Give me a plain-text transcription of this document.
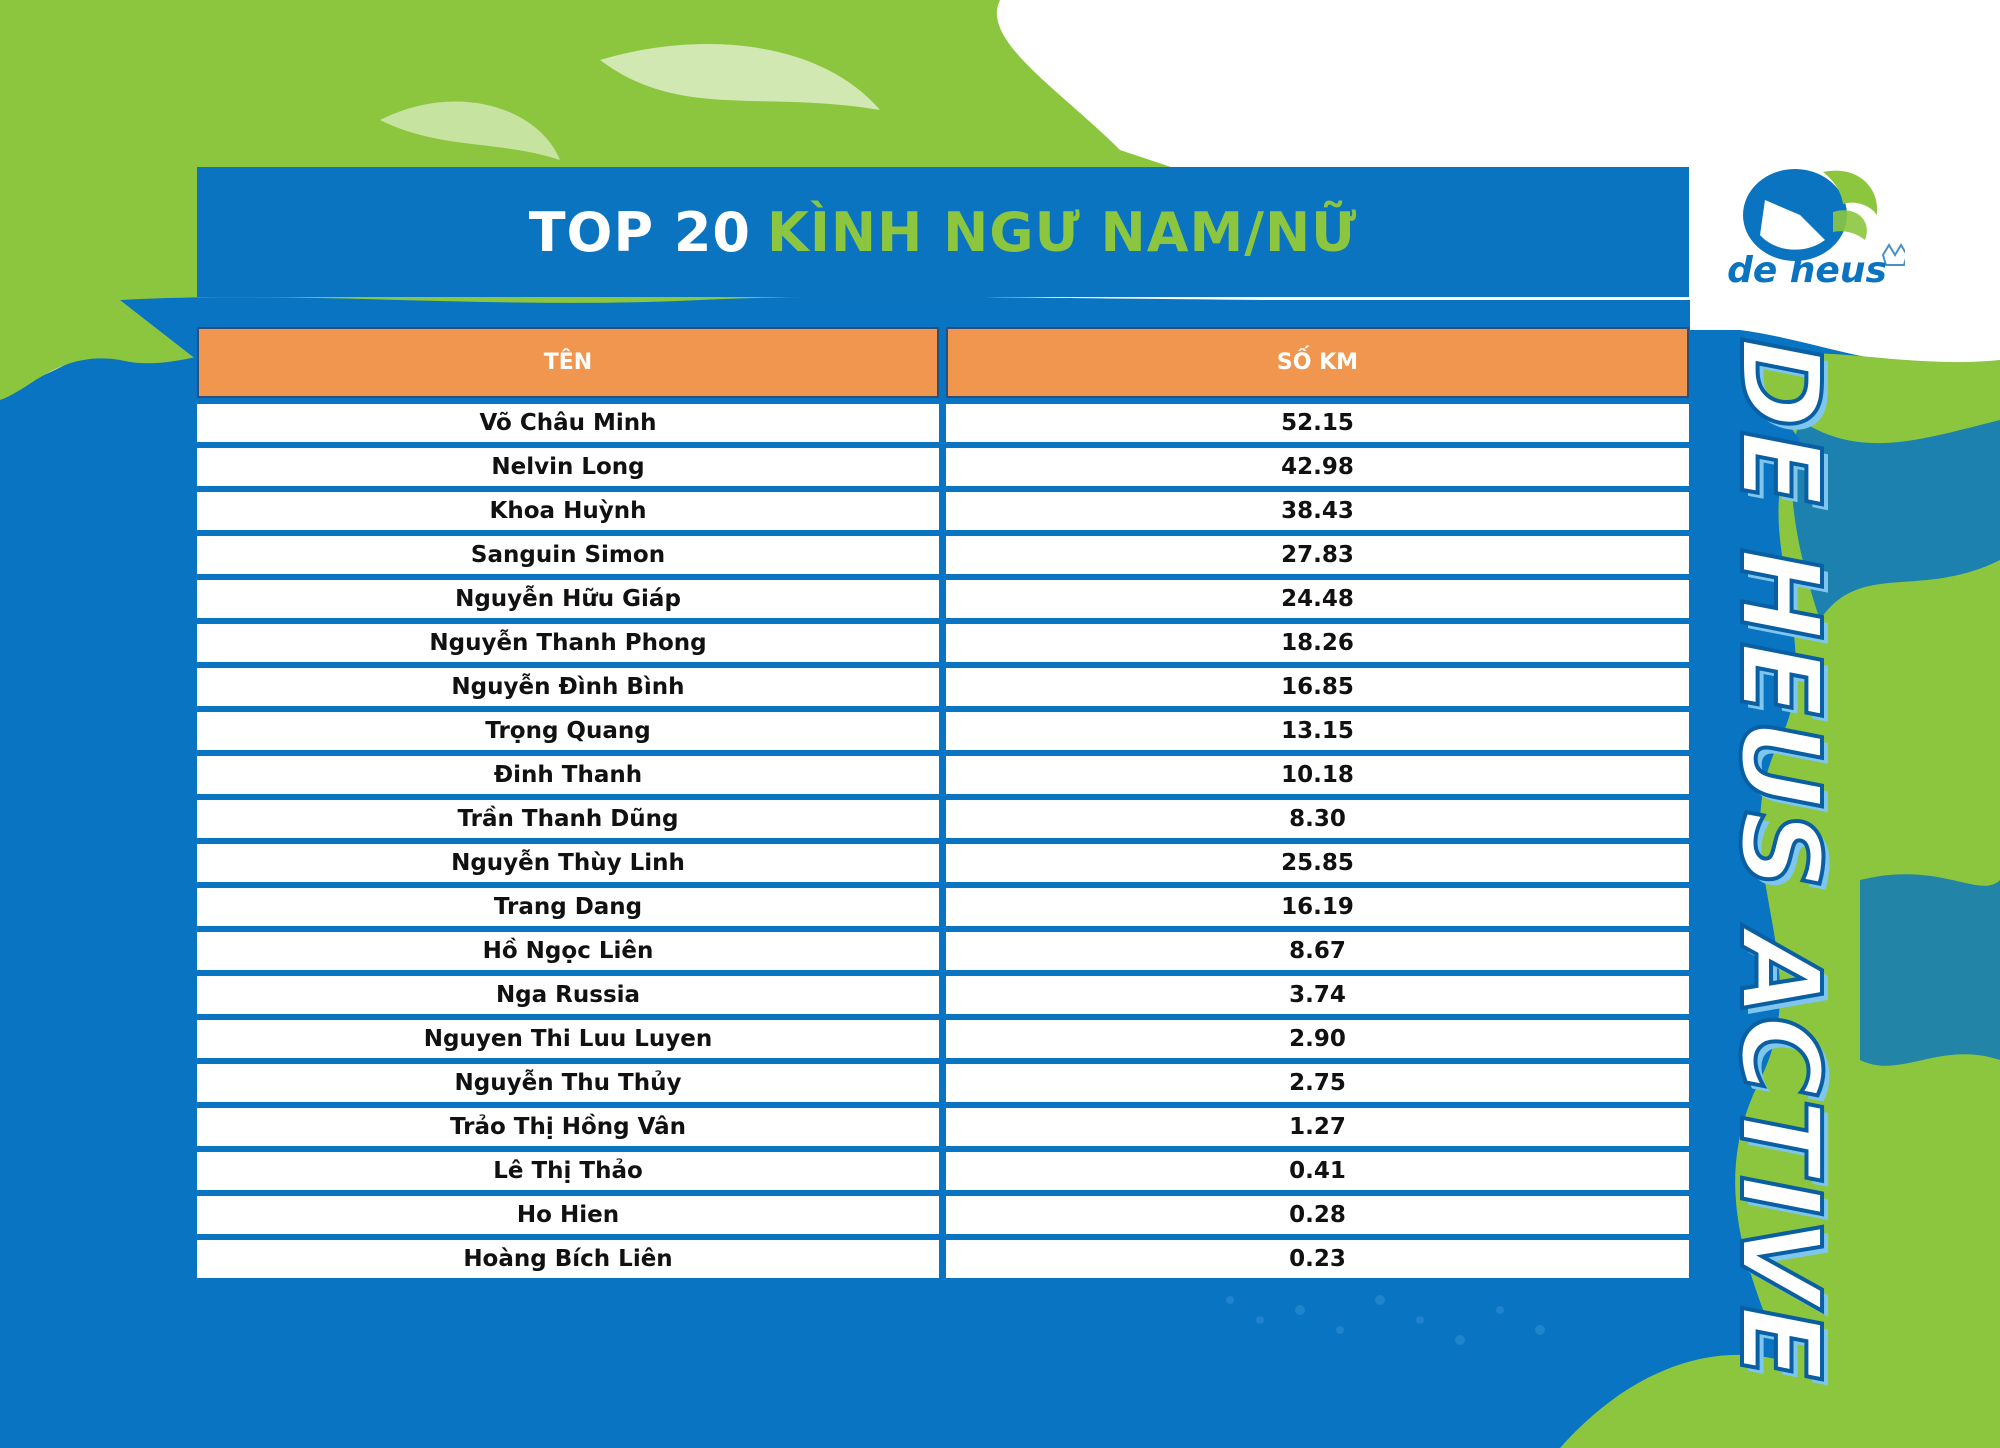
TOP 20 KÌNH NGƯ NAM/NỮ
TÊN	SỐ KM
Võ Châu Minh	52.15
Nelvin Long	42.98
Khoa Huỳnh	38.43
Sanguin Simon	27.83
Nguyễn Hữu Giáp	24.48
Nguyễn Thanh Phong	18.26
Nguyễn Đình Bình	16.85
Trọng Quang	13.15
Đinh Thanh	10.18
Trần Thanh Dũng	8.30
Nguyễn Thùy Linh	25.85
Trang Dang	16.19
Hồ Ngọc Liên	8.67
Nga Russia	3.74
Nguyen Thi Luu Luyen	2.90
Nguyễn Thu Thủy	2.75
Trảo Thị Hồng Vân	1.27
Lê Thị Thảo	0.41
Ho Hien	0.28
Hoàng Bích Liên	0.23
de heus
DE HEUS ACTIVE
